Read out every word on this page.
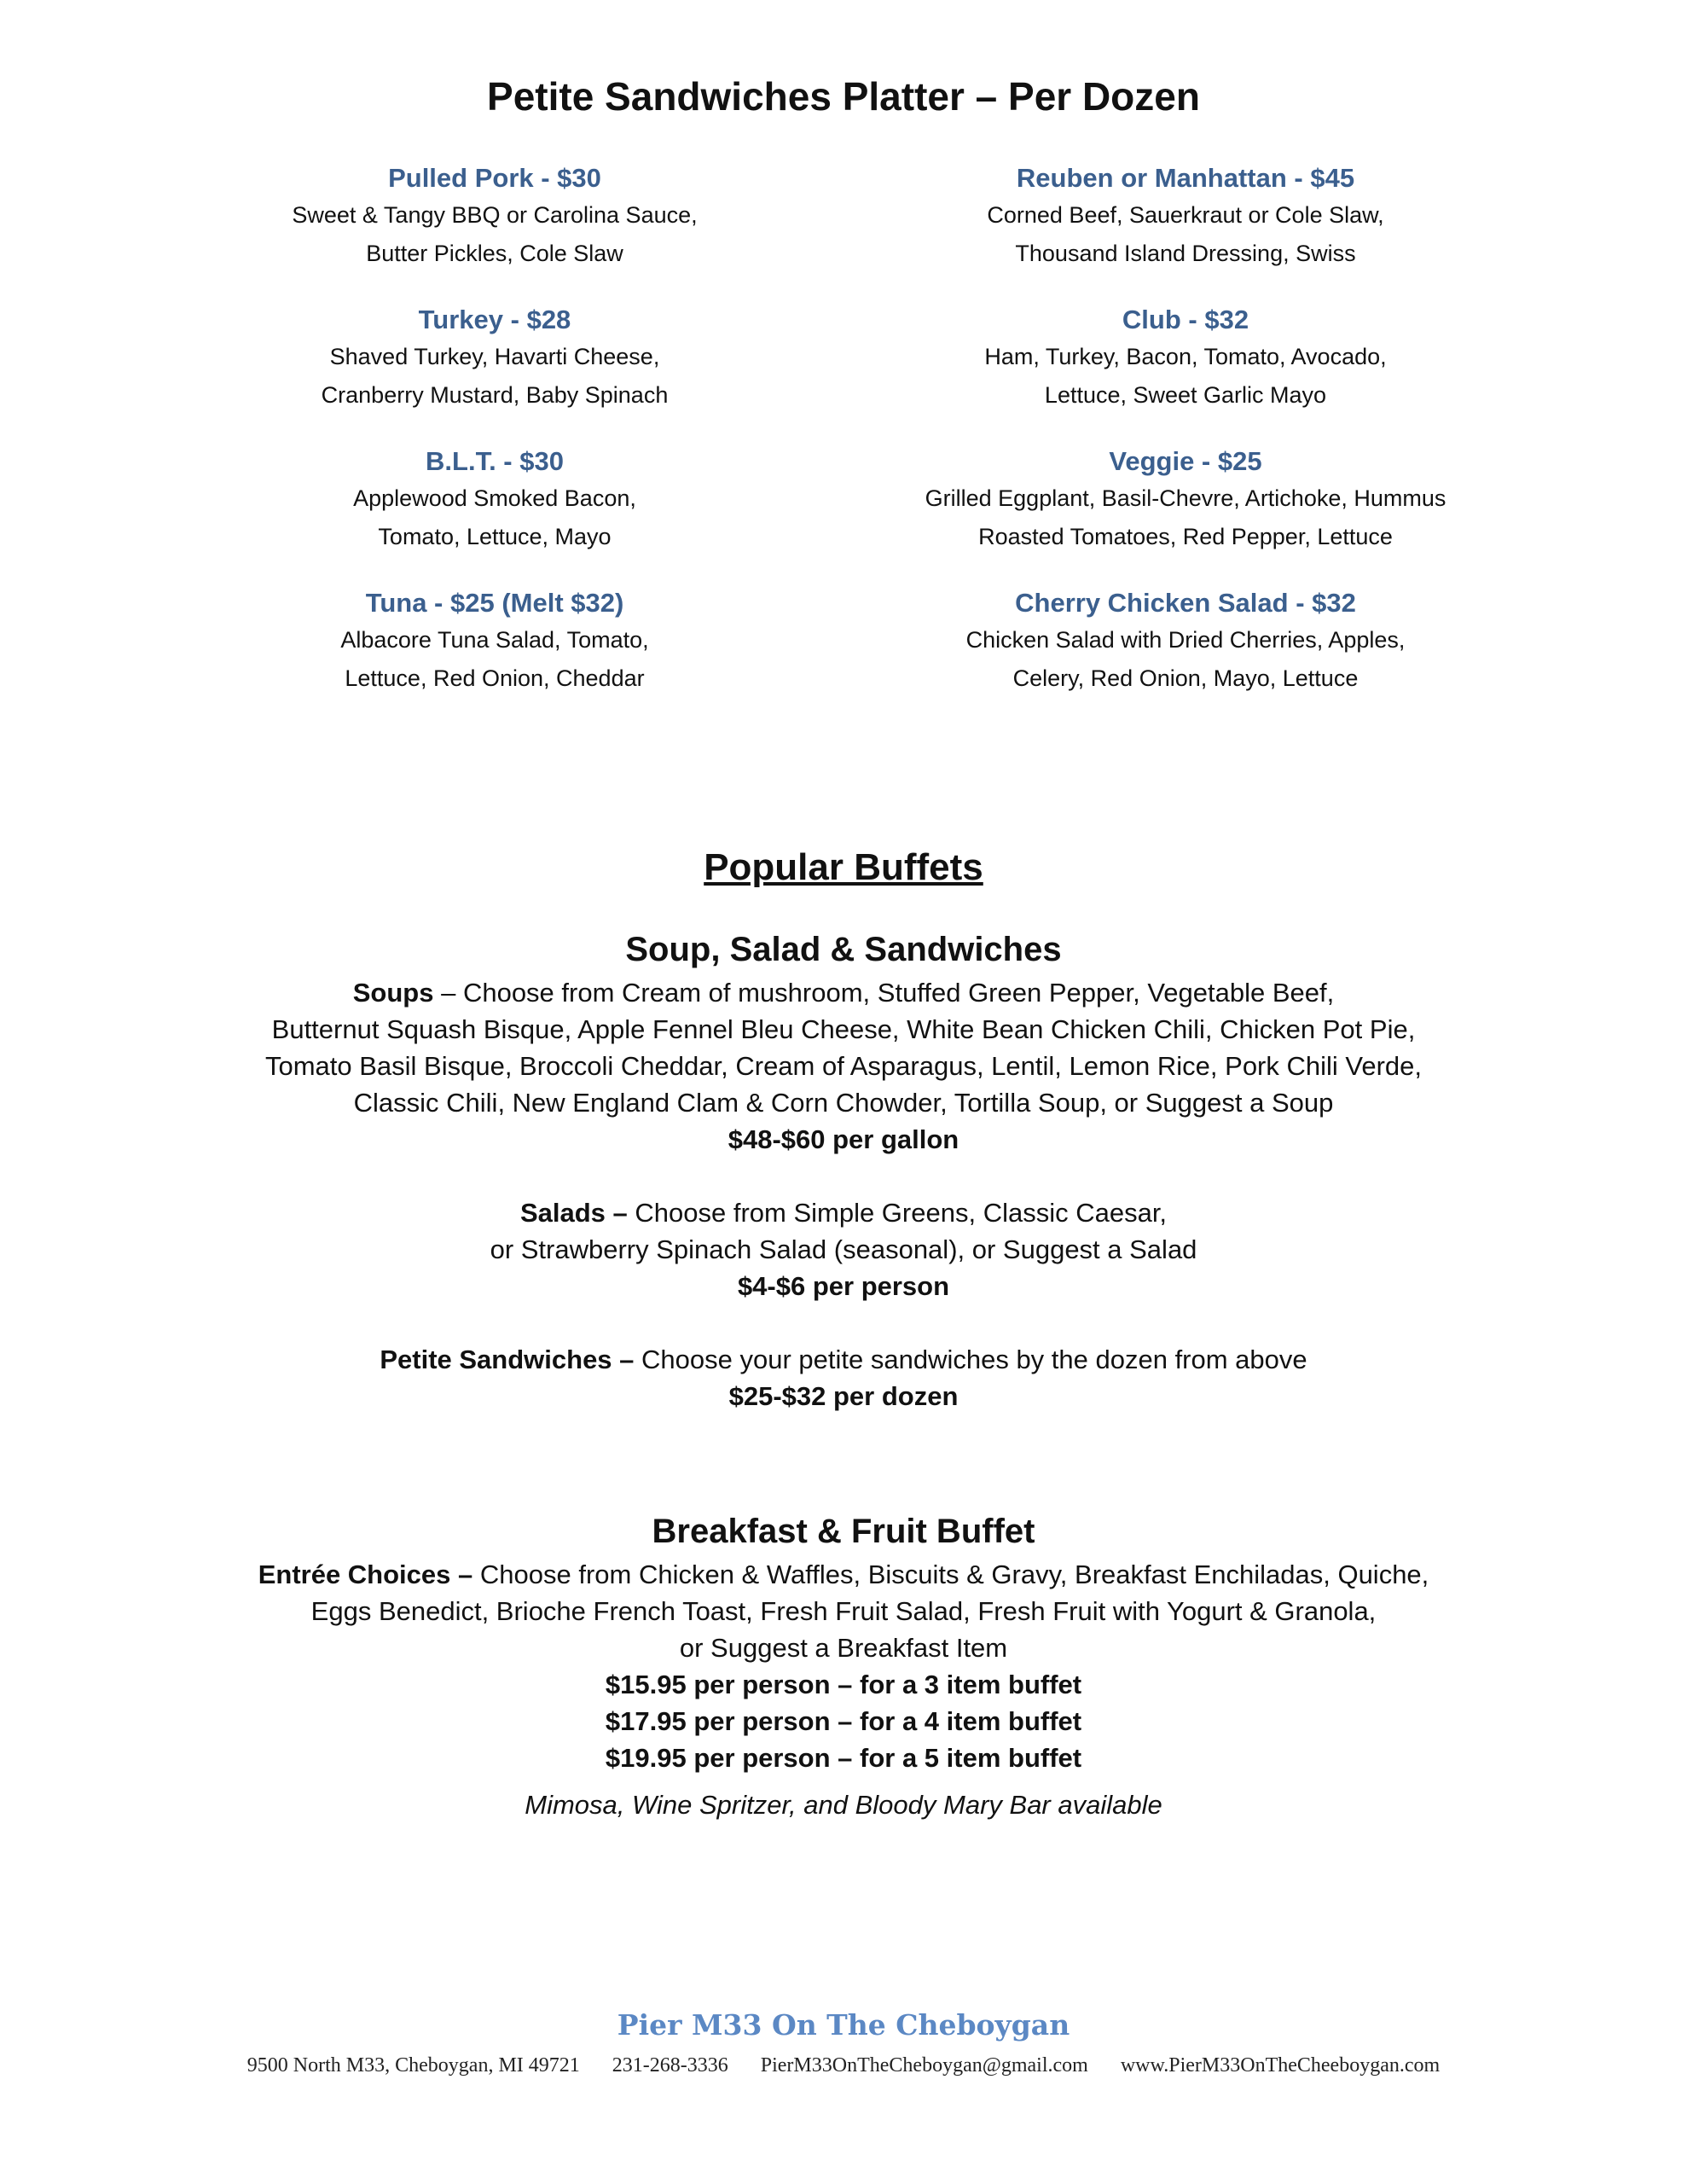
Petite Sandwiches Platter – Per Dozen
Pulled Pork - $30
Sweet & Tangy BBQ or Carolina Sauce,
Butter Pickles, Cole Slaw
Turkey - $28
Shaved Turkey, Havarti Cheese,
Cranberry Mustard, Baby Spinach
B.L.T. - $30
Applewood Smoked Bacon,
Tomato, Lettuce, Mayo
Tuna - $25 (Melt $32)
Albacore Tuna Salad, Tomato,
Lettuce, Red Onion, Cheddar
Reuben or Manhattan - $45
Corned Beef, Sauerkraut or Cole Slaw,
Thousand Island Dressing, Swiss
Club - $32
Ham, Turkey, Bacon, Tomato, Avocado,
Lettuce, Sweet Garlic Mayo
Veggie - $25
Grilled Eggplant, Basil-Chevre, Artichoke, Hummus
Roasted Tomatoes, Red Pepper, Lettuce
Cherry Chicken Salad - $32
Chicken Salad with Dried Cherries, Apples,
Celery, Red Onion, Mayo, Lettuce
Popular Buffets
Soup, Salad & Sandwiches

Soups – Choose from Cream of mushroom, Stuffed Green Pepper, Vegetable Beef,

Butternut Squash Bisque, Apple Fennel Bleu Cheese, White Bean Chicken Chili, Chicken Pot Pie,

Tomato Basil Bisque, Broccoli Cheddar, Cream of Asparagus, Lentil, Lemon Rice, Pork Chili Verde,

Classic Chili, New England Clam & Corn Chowder, Tortilla Soup, or Suggest a Soup

$48-$60 per gallon

Salads – Choose from Simple Greens, Classic Caesar,

or Strawberry Spinach Salad (seasonal), or Suggest a Salad

$4-$6 per person

Petite Sandwiches – Choose your petite sandwiches by the dozen from above

$25-$32 per dozen
Breakfast & Fruit Buffet

Entrée Choices – Choose from Chicken & Waffles, Biscuits & Gravy, Breakfast Enchiladas, Quiche,

Eggs Benedict, Brioche French Toast, Fresh Fruit Salad, Fresh Fruit with Yogurt & Granola,

or Suggest a Breakfast Item

$15.95 per person – for a 3 item buffet
$17.95 per person – for a 4 item buffet
$19.95 per person – for a 5 item buffet
Mimosa, Wine Spritzer, and Bloody Mary Bar available
Pier M33 On The Cheboygan
9500 North M33, Cheboygan, MI 49721 231-268-3336 PierM33OnTheCheboygan@gmail.com www.PierM33OnTheCheeboygan.com
